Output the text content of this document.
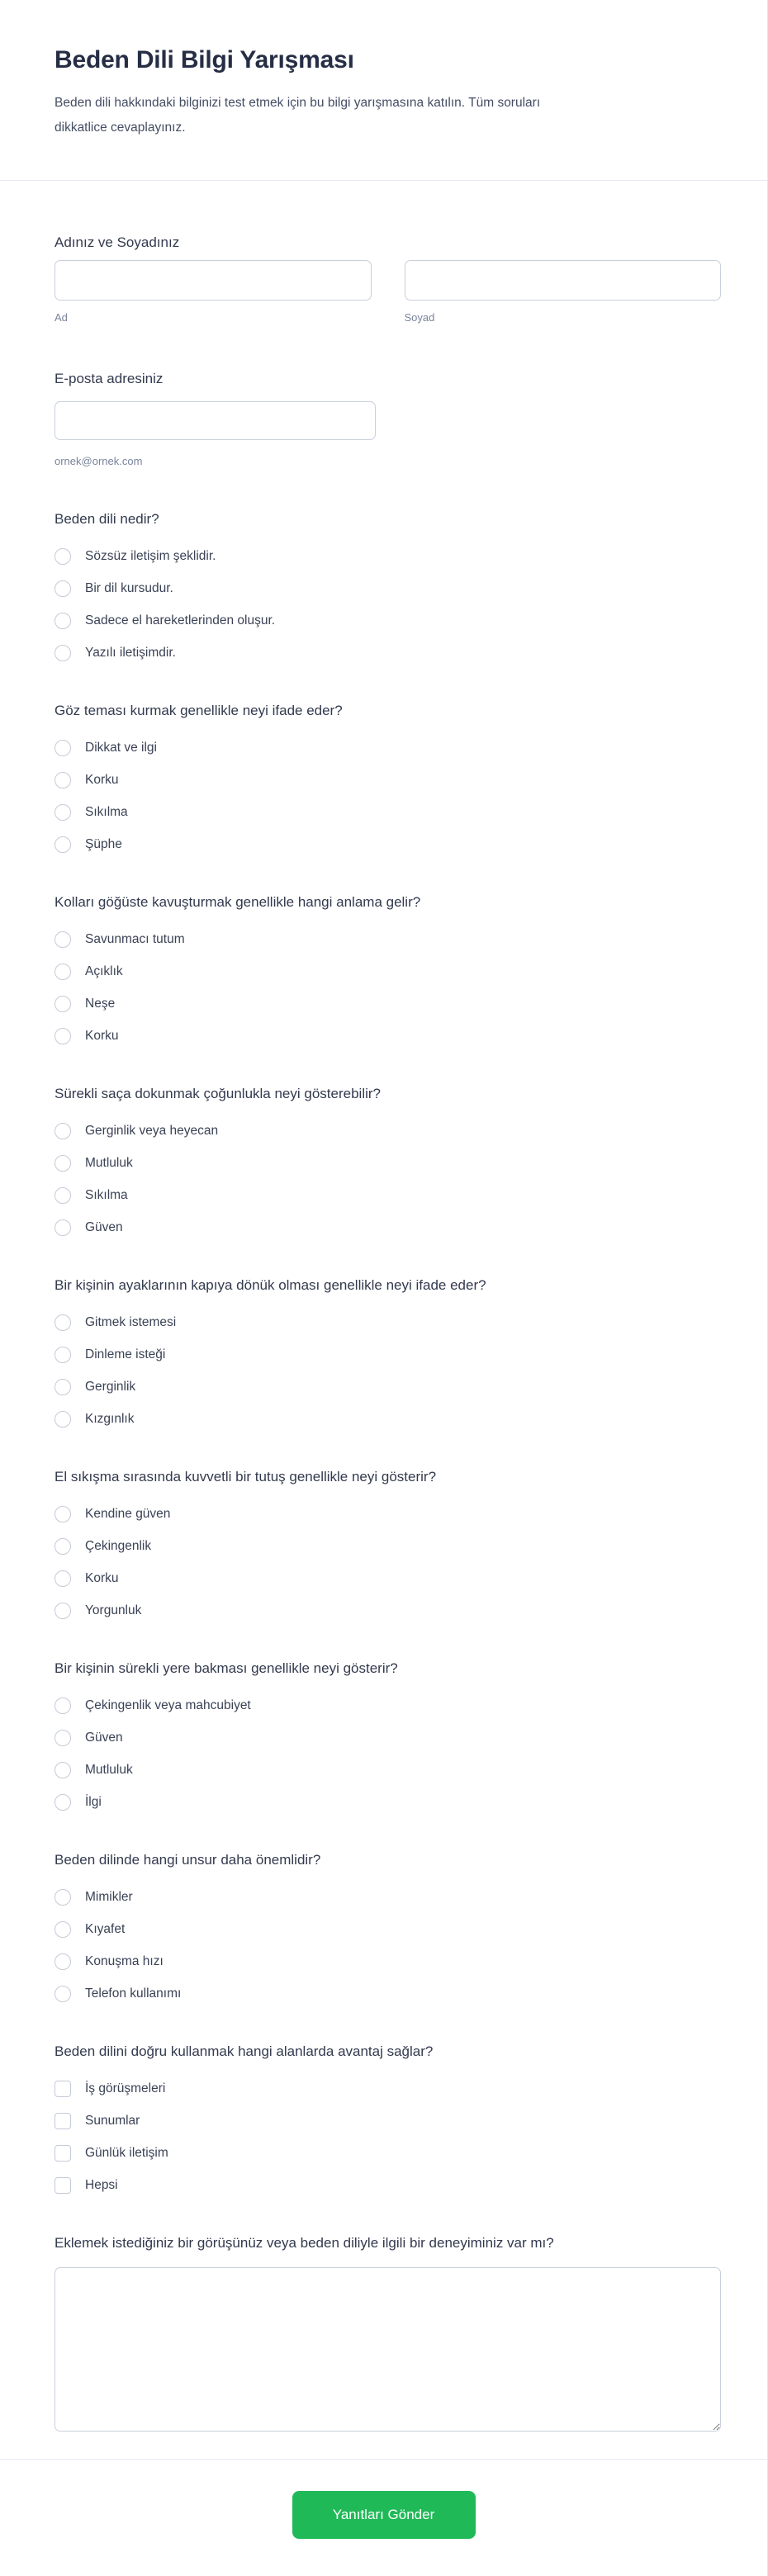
Beden Dili Bilgi Yarışması

Beden dili hakkındaki bilginizi test etmek için bu bilgi yarışmasına katılın. Tüm soruları dikkatlice cevaplayınız.

Adınız ve Soyadınız
Ad	Soyad
E-posta adresiniz
ornek@ornek.com
Beden dili nedir?
Sözsüz iletişim şeklidir.
Bir dil kursudur.
Sadece el hareketlerinden oluşur.
Yazılı iletişimdir.
Göz teması kurmak genellikle neyi ifade eder?
Dikkat ve ilgi
Korku
Sıkılma
Şüphe
Kolları göğüste kavuşturmak genellikle hangi anlama gelir?
Savunmacı tutum
Açıklık
Neşe
Korku
Sürekli saça dokunmak çoğunlukla neyi gösterebilir?
Gerginlik veya heyecan
Mutluluk
Sıkılma
Güven
Bir kişinin ayaklarının kapıya dönük olması genellikle neyi ifade eder?
Gitmek istemesi
Dinleme isteği
Gerginlik
Kızgınlık
El sıkışma sırasında kuvvetli bir tutuş genellikle neyi gösterir?
Kendine güven
Çekingenlik
Korku
Yorgunluk
Bir kişinin sürekli yere bakması genellikle neyi gösterir?
Çekingenlik veya mahcubiyet
Güven
Mutluluk
İlgi
Beden dilinde hangi unsur daha önemlidir?
Mimikler
Kıyafet
Konuşma hızı
Telefon kullanımı
Beden dilini doğru kullanmak hangi alanlarda avantaj sağlar?
İş görüşmeleri
Sunumlar
Günlük iletişim
Hepsi
Eklemek istediğiniz bir görüşünüz veya beden diliyle ilgili bir deneyiminiz var mı?
Yanıtları Gönder
